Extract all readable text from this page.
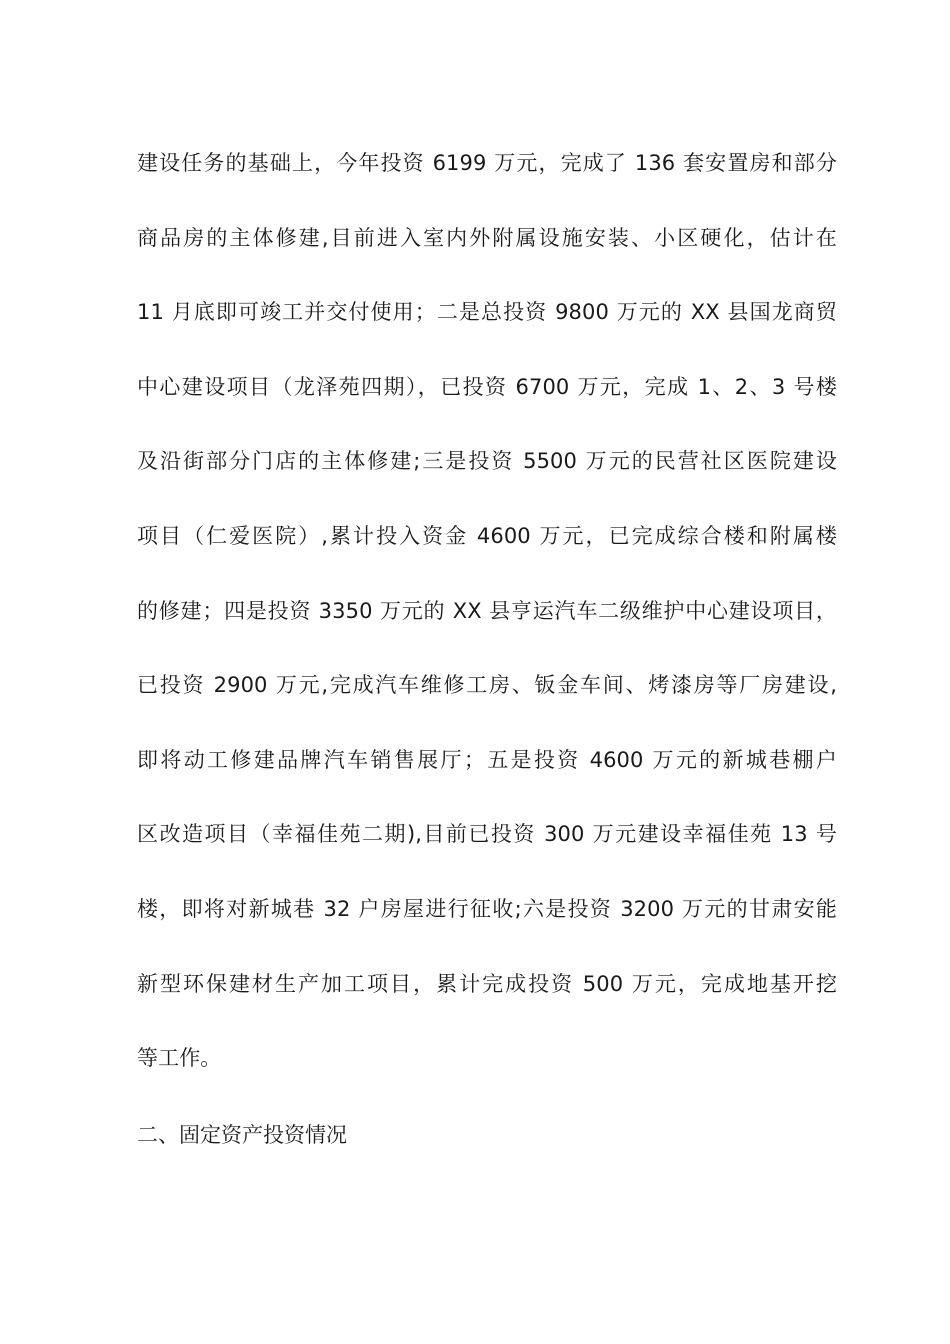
建设任务的基础上，今年投资 6199 万元，完成了 136 套安置房和部分
商品房的主体修建,目前进入室内外附属设施安装、小区硬化，估计在
11 月底即可竣工并交付使用；二是总投资 9800 万元的 XX 县国龙商贸
中心建设项目（龙泽苑四期），已投资 6700 万元，完成 1、2、3 号楼
及沿街部分门店的主体修建;三是投资 5500 万元的民营社区医院建设
项目（仁爱医院）,累计投入资金 4600 万元，已完成综合楼和附属楼
的修建；四是投资 3350 万元的 XX 县亨运汽车二级维护中心建设项目，
已投资 2900 万元,完成汽车维修工房、钣金车间、烤漆房等厂房建设,
即将动工修建品牌汽车销售展厅；五是投资 4600 万元的新城巷棚户
区改造项目（幸福佳苑二期),目前已投资 300 万元建设幸福佳苑 13 号
楼，即将对新城巷 32 户房屋进行征收;六是投资 3200 万元的甘肃安能
新型环保建材生产加工项目，累计完成投资 500 万元，完成地基开挖
等工作。
二、固定资产投资情况
